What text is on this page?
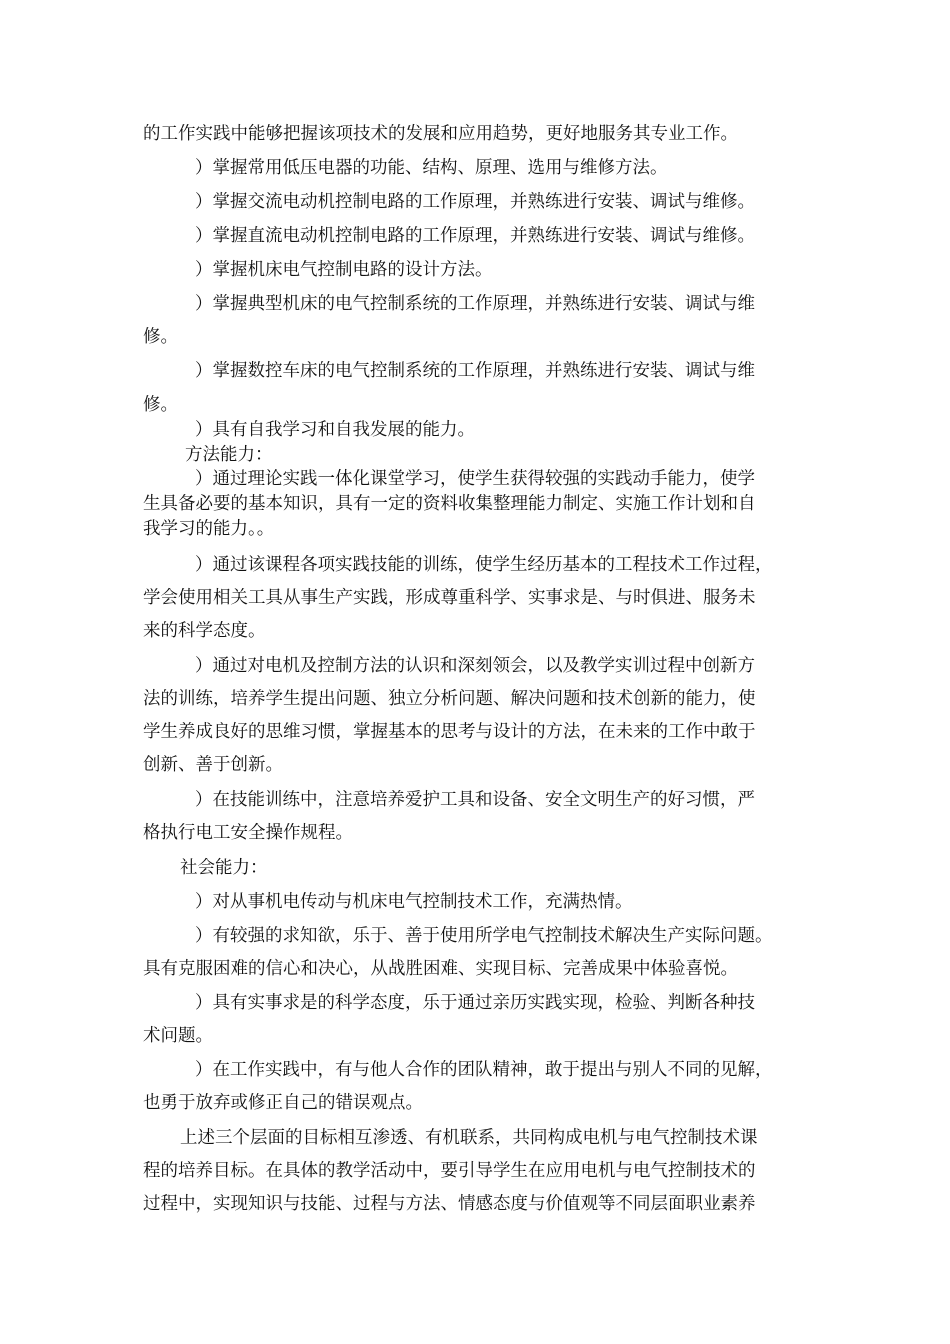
的工作实践中能够把握该项技术的发展和应用趋势，更好地服务其专业工作。
）掌握常用低压电器的功能、结构、原理、选用与维修方法。
）掌握交流电动机控制电路的工作原理，并熟练进行安装、调试与维修。
）掌握直流电动机控制电路的工作原理，并熟练进行安装、调试与维修。
）掌握机床电气控制电路的设计方法。
）掌握典型机床的电气控制系统的工作原理，并熟练进行安装、调试与维
修。
）掌握数控车床的电气控制系统的工作原理，并熟练进行安装、调试与维
修。
）具有自我学习和自我发展的能力。
方法能力：
）通过理论实践一体化课堂学习，使学生获得较强的实践动手能力，使学
生具备必要的基本知识，具有一定的资料收集整理能力制定、实施工作计划和自
我学习的能力。。
）通过该课程各项实践技能的训练，使学生经历基本的工程技术工作过程，
学会使用相关工具从事生产实践，形成尊重科学、实事求是、与时俱进、服务未
来的科学态度。
）通过对电机及控制方法的认识和深刻领会，以及教学实训过程中创新方
法的训练，培养学生提出问题、独立分析问题、解决问题和技术创新的能力，使
学生养成良好的思维习惯，掌握基本的思考与设计的方法，在未来的工作中敢于
创新、善于创新。
）在技能训练中，注意培养爱护工具和设备、安全文明生产的好习惯，严
格执行电工安全操作规程。
社会能力：
）对从事机电传动与机床电气控制技术工作，充满热情。
）有较强的求知欲，乐于、善于使用所学电气控制技术解决生产实际问题。
具有克服困难的信心和决心，从战胜困难、实现目标、完善成果中体验喜悦。
）具有实事求是的科学态度，乐于通过亲历实践实现，检验、判断各种技
术问题。
）在工作实践中，有与他人合作的团队精神，敢于提出与别人不同的见解，
也勇于放弃或修正自己的错误观点。
上述三个层面的目标相互渗透、有机联系，共同构成电机与电气控制技术课
程的培养目标。在具体的教学活动中，要引导学生在应用电机与电气控制技术的
过程中，实现知识与技能、过程与方法、情感态度与价值观等不同层面职业素养
